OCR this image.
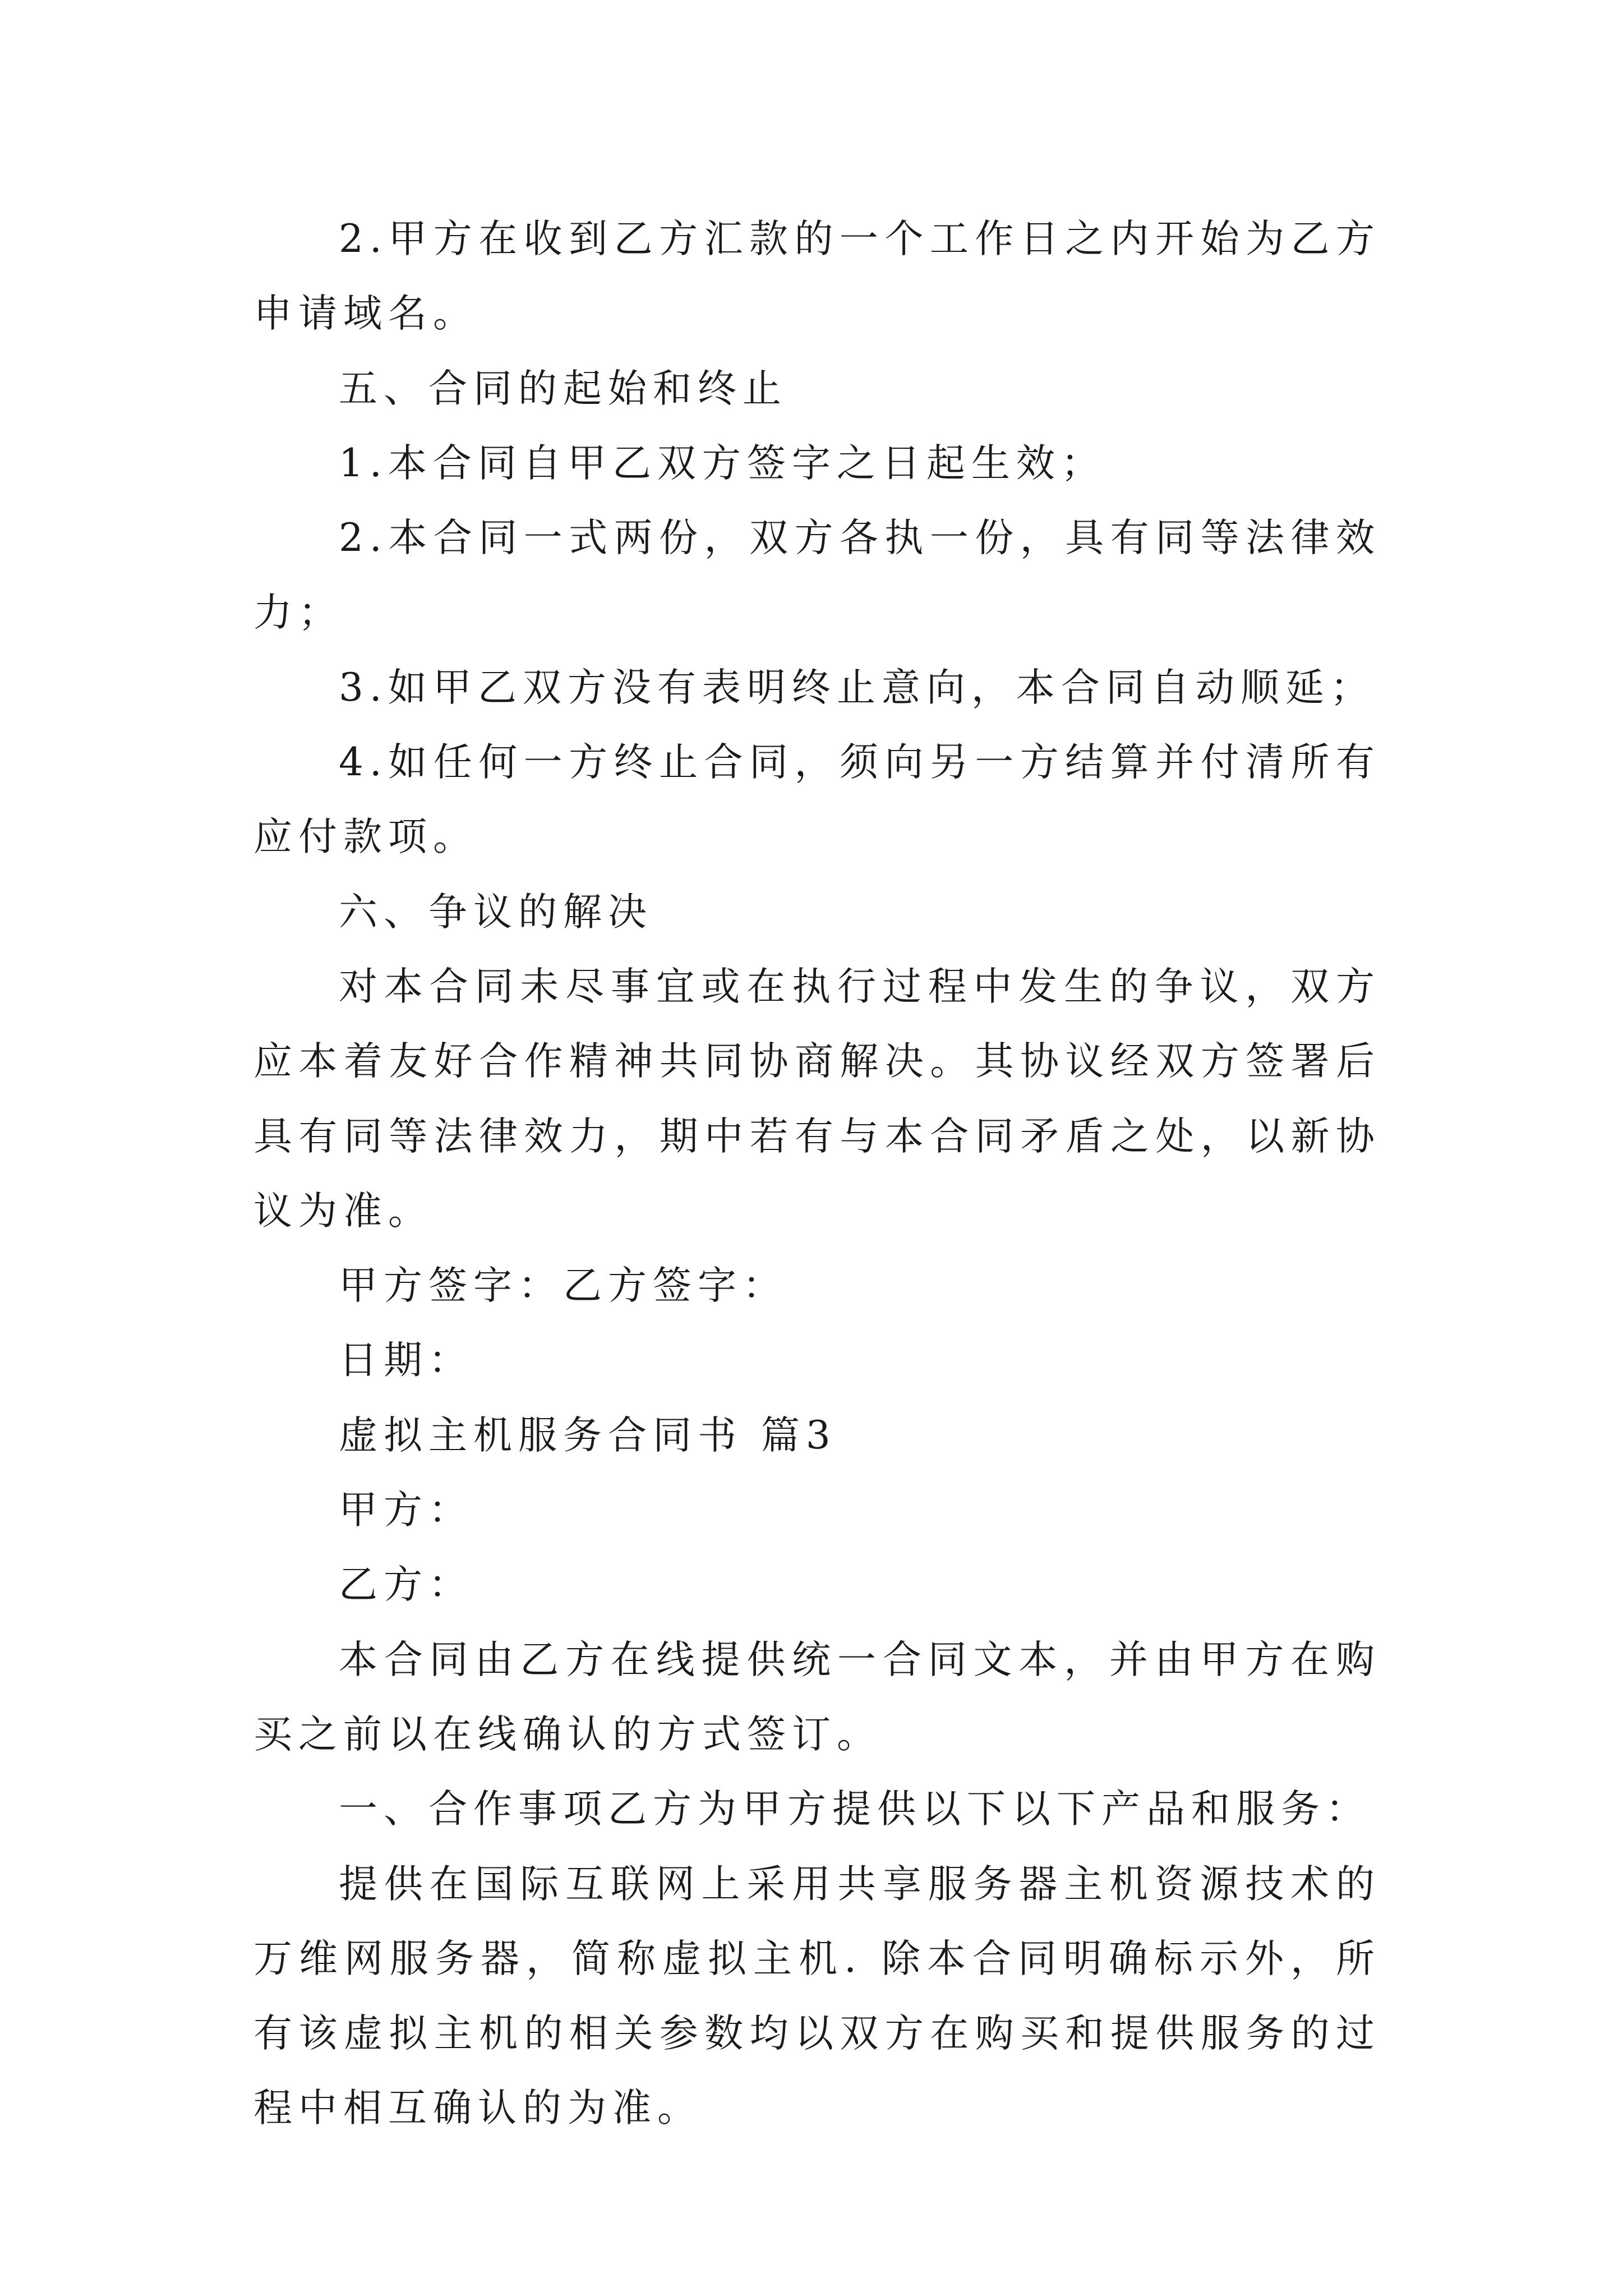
2.甲方在收到乙方汇款的一个工作日之内开始为乙方申请域名。

五、合同的起始和终止

1.本合同自甲乙双方签字之日起生效；

2.本合同一式两份，双方各执一份，具有同等法律效力；

3.如甲乙双方没有表明终止意向，本合同自动顺延；

4.如任何一方终止合同，须向另一方结算并付清所有应付款项。

六、争议的解决

对本合同未尽事宜或在执行过程中发生的争议，双方应本着友好合作精神共同协商解决。其协议经双方签署后具有同等法律效力，期中若有与本合同矛盾之处，以新协议为准。

甲方签字：乙方签字：

日期：

虚拟主机服务合同书 篇3

甲方：

乙方：

本合同由乙方在线提供统一合同文本，并由甲方在购买之前以在线确认的方式签订。

一、合作事项乙方为甲方提供以下以下产品和服务：

提供在国际互联网上采用共享服务器主机资源技术的万维网服务器，简称虚拟主机. 除本合同明确标示外，所有该虚拟主机的相关参数均以双方在购买和提供服务的过程中相互确认的为准。
